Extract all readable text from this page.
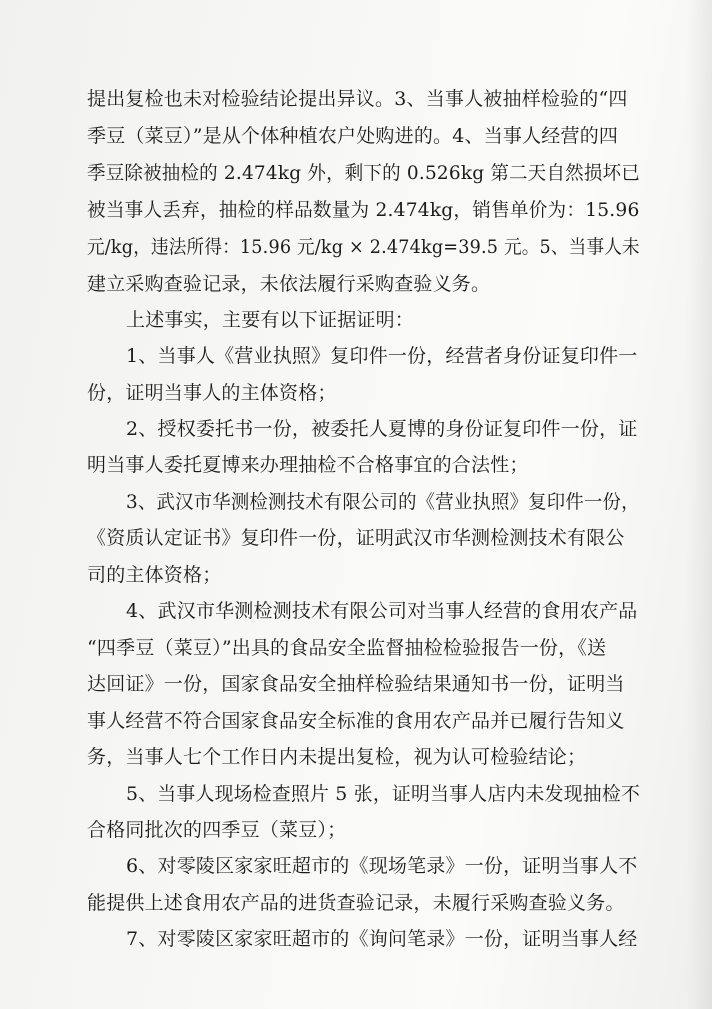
提出复检也未对检验结论提出异议。3、当事人被抽样检验的“四

季豆（菜豆）”是从个体种植农户处购进的。4、当事人经营的四

季豆除被抽检的 2.474kg 外，剩下的 0.526kg 第二天自然损坏已

被当事人丢弃，抽检的样品数量为 2.474kg，销售单价为：15.96

元/kg，违法所得：15.96 元/kg × 2.474kg=39.5 元。5、当事人未

建立采购查验记录，未依法履行采购查验义务。

上述事实，主要有以下证据证明：

1、当事人《营业执照》复印件一份，经营者身份证复印件一

份，证明当事人的主体资格；

2、授权委托书一份，被委托人夏博的身份证复印件一份，证

明当事人委托夏博来办理抽检不合格事宜的合法性；

3、武汉市华测检测技术有限公司的《营业执照》复印件一份，

《资质认定证书》复印件一份，证明武汉市华测检测技术有限公

司的主体资格；

4、武汉市华测检测技术有限公司对当事人经营的食用农产品

“四季豆（菜豆）”出具的食品安全监督抽检检验报告一份，《送

达回证》一份，国家食品安全抽样检验结果通知书一份，证明当

事人经营不符合国家食品安全标准的食用农产品并已履行告知义

务，当事人七个工作日内未提出复检，视为认可检验结论；

5、当事人现场检查照片 5 张，证明当事人店内未发现抽检不

合格同批次的四季豆（菜豆）；

6、对零陵区家家旺超市的《现场笔录》一份，证明当事人不

能提供上述食用农产品的进货查验记录，未履行采购查验义务。

7、对零陵区家家旺超市的《询问笔录》一份，证明当事人经
